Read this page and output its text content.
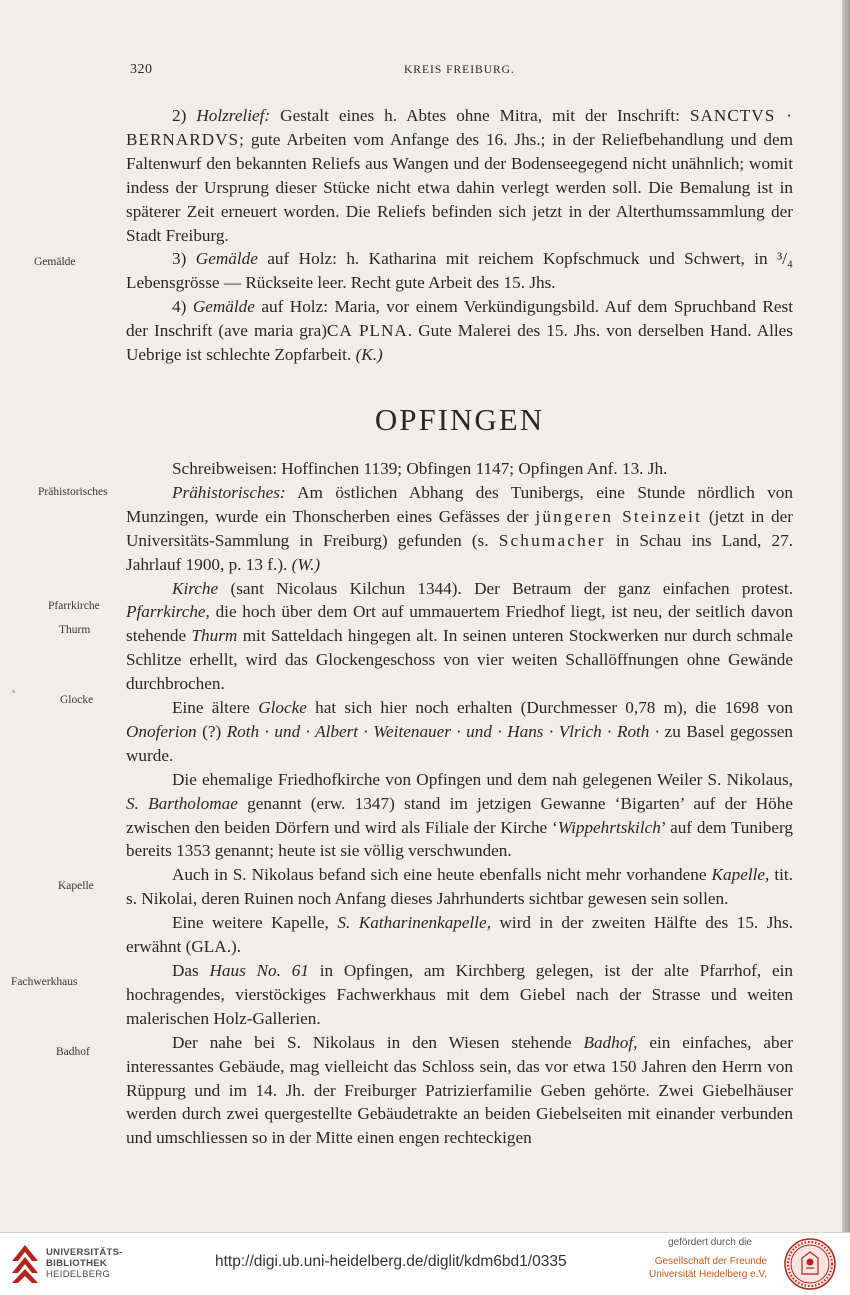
320	KREIS FREIBURG.
Gemälde
Prähistorisches
Pfarrkirche
Thurm
Glocke
Kapelle
Fachwerkhaus
Badhof

2) Holzrelief: Gestalt eines h. Abtes ohne Mitra, mit der Inschrift: SANCTVS · BERNARDVS; gute Arbeiten vom Anfange des 16. Jhs.; in der Reliefbehandlung und dem Faltenwurf den bekannten Reliefs aus Wangen und der Bodenseegegend nicht unähnlich; womit indess der Ursprung dieser Stücke nicht etwa dahin verlegt werden soll. Die Bemalung ist in späterer Zeit erneuert worden. Die Reliefs befinden sich jetzt in der Alterthumssammlung der Stadt Freiburg.

3) Gemälde auf Holz: h. Katharina mit reichem Kopfschmuck und Schwert, in ³/₄ Lebensgrösse — Rückseite leer. Recht gute Arbeit des 15. Jhs.

4) Gemälde auf Holz: Maria, vor einem Verkündigungsbild. Auf dem Spruchband Rest der Inschrift (ave maria gra)CA PLNA. Gute Malerei des 15. Jhs. von derselben Hand. Alles Uebrige ist schlechte Zopfarbeit. (K.)

OPFINGEN

Schreibweisen: Hoffinchen 1139; Obfingen 1147; Opfingen Anf. 13. Jh.

Prähistorisches: Am östlichen Abhang des Tunibergs, eine Stunde nördlich von Munzingen, wurde ein Thonscherben eines Gefässes der jüngeren Steinzeit (jetzt in der Universitäts-Sammlung in Freiburg) gefunden (s. Schumacher in Schau ins Land, 27. Jahrlauf 1900, p. 13 f.). (W.)

Kirche (sant Nicolaus Kilchun 1344). Der Betraum der ganz einfachen protest. Pfarrkirche, die hoch über dem Ort auf ummauertem Friedhof liegt, ist neu, der seitlich davon stehende Thurm mit Satteldach hingegen alt. In seinen unteren Stockwerken nur durch schmale Schlitze erhellt, wird das Glockengeschoss von vier weiten Schallöffnungen ohne Gewände durchbrochen.

Eine ältere Glocke hat sich hier noch erhalten (Durchmesser 0,78 m), die 1698 von Onoferion (?) Roth · und · Albert · Weitenauer · und · Hans · Vlrich · Roth · zu Basel gegossen wurde.

Die ehemalige Friedhofkirche von Opfingen und dem nah gelegenen Weiler S. Nikolaus, S. Bartholomae genannt (erw. 1347) stand im jetzigen Gewanne ‘Bigarten’ auf der Höhe zwischen den beiden Dörfern und wird als Filiale der Kirche ‘Wippehrtskilch’ auf dem Tuniberg bereits 1353 genannt; heute ist sie völlig verschwunden.

Auch in S. Nikolaus befand sich eine heute ebenfalls nicht mehr vorhandene Kapelle, tit. s. Nikolai, deren Ruinen noch Anfang dieses Jahrhunderts sichtbar gewesen sein sollen.

Eine weitere Kapelle, S. Katharinenkapelle, wird in der zweiten Hälfte des 15. Jhs. erwähnt (GLA.).

Das Haus No. 61 in Opfingen, am Kirchberg gelegen, ist der alte Pfarrhof, ein hochragendes, vierstöckiges Fachwerkhaus mit dem Giebel nach der Strasse und weiten malerischen Holz-Gallerien.

Der nahe bei S. Nikolaus in den Wiesen stehende Badhof, ein einfaches, aber interessantes Gebäude, mag vielleicht das Schloss sein, das vor etwa 150 Jahren den Herrn von Rüppurg und im 14. Jh. der Freiburger Patrizierfamilie Geben gehörte. Zwei Giebelhäuser werden durch zwei quergestellte Gebäudetrakte an beiden Giebelseiten mit einander verbunden und umschliessen so in der Mitte einen engen rechteckigen

UNIVERSITÄTS-
BIBLIOTHEK
HEIDELBERG
http://digi.ub.uni-heidelberg.de/diglit/kdm6bd1/0335
gefördert durch die
Gesellschaft der Freunde
Universität Heidelberg e.V.
